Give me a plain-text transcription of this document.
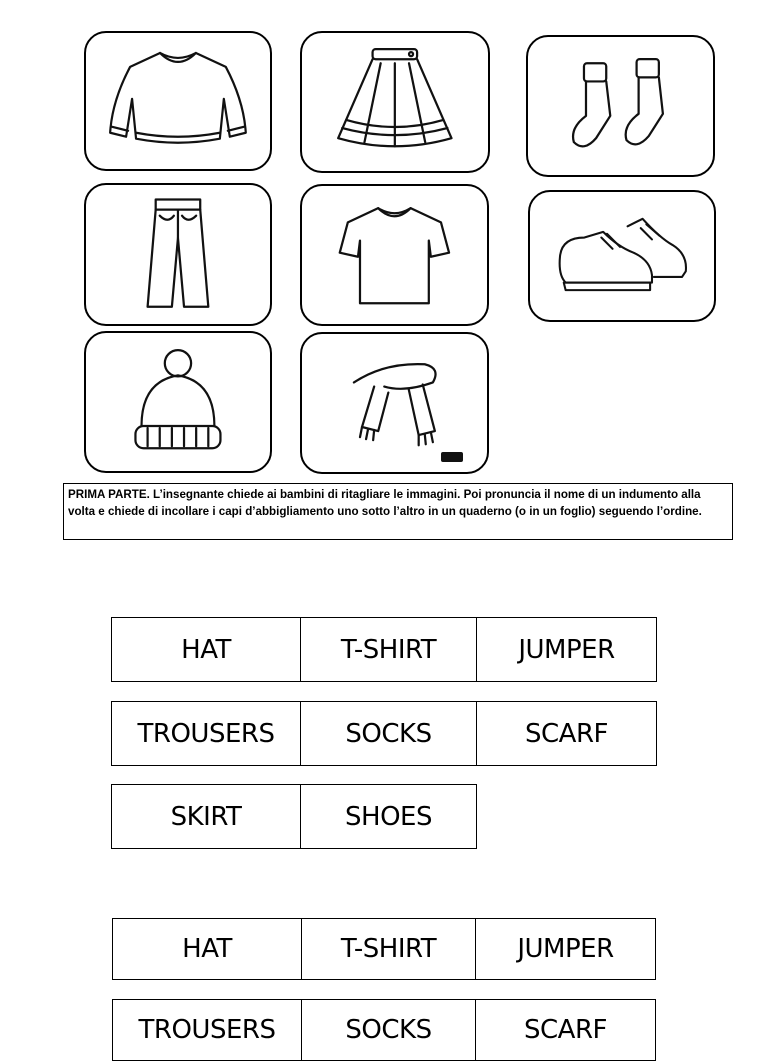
PRIMA PARTE. L’insegnante chiede ai bambini di ritagliare le immagini. Poi pronuncia il nome di un indumento alla volta e chiede di incollare i capi d’abbigliamento uno sotto l’altro in un quaderno (o in un foglio) seguendo l’ordine.
HAT	T-SHIRT	JUMPER
TROUSERS	SOCKS	SCARF
SKIRT	SHOES
HAT	T-SHIRT	JUMPER
TROUSERS	SOCKS	SCARF
